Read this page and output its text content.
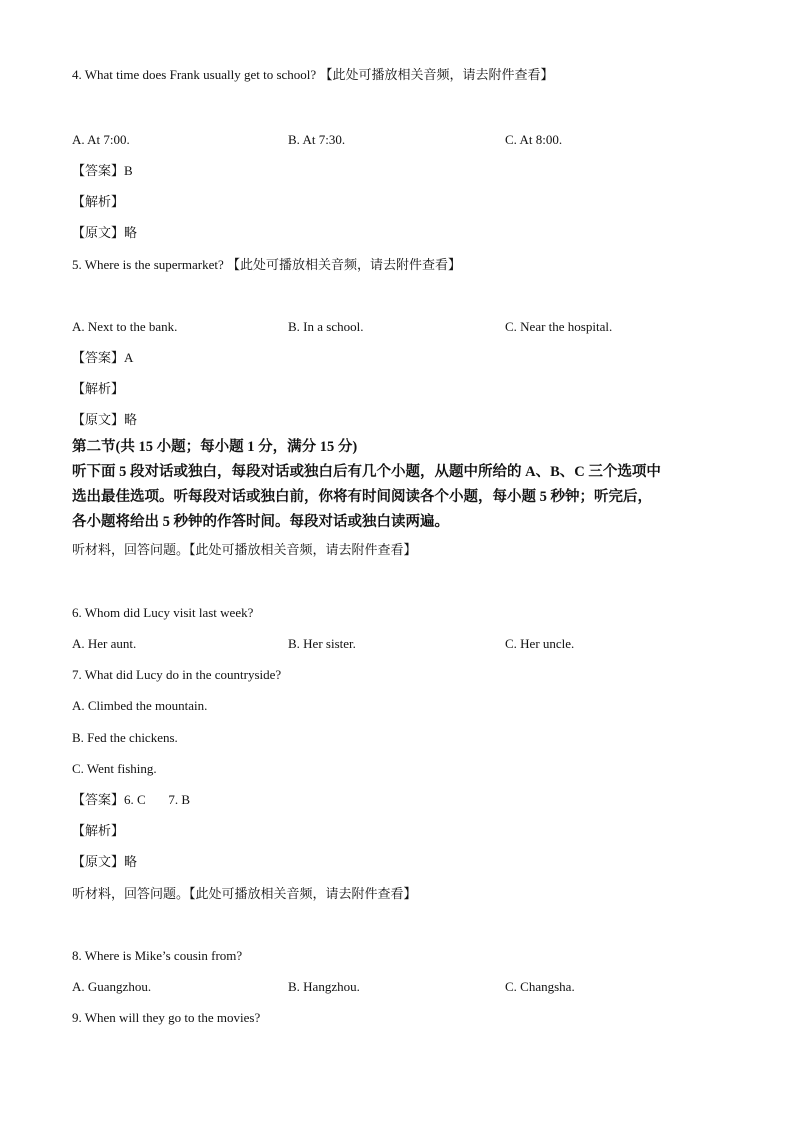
4. What time does Frank usually get to school? 【此处可播放相关音频，请去附件查看】
A. At 7:00.	B. At 7:30.	C. At 8:00.
【答案】B
【解析】
【原文】略
5. Where is the supermarket? 【此处可播放相关音频，请去附件查看】
A. Next to the bank.	B. In a school.	C. Near the hospital.
【答案】A
【解析】
【原文】略
第二节(共 15 小题；每小题 1 分，满分 15 分)
听下面 5 段对话或独白，每段对话或独白后有几个小题，从题中所给的 A、B、C 三个选项中
选出最佳选项。听每段对话或独白前，你将有时间阅读各个小题，每小题 5 秒钟；听完后，
各小题将给出 5 秒钟的作答时间。每段对话或独白读两遍。
听材料，回答问题。【此处可播放相关音频，请去附件查看】
6. Whom did Lucy visit last week?
A. Her aunt.	B. Her sister.	C. Her uncle.
7. What did Lucy do in the countryside?
A. Climbed the mountain.
B. Fed the chickens.
C. Went fishing.
【答案】6. C       7. B
【解析】
【原文】略
听材料，回答问题。【此处可播放相关音频，请去附件查看】
8. Where is Mike’s cousin from?
A. Guangzhou.	B. Hangzhou.	C. Changsha.
9. When will they go to the movies?
